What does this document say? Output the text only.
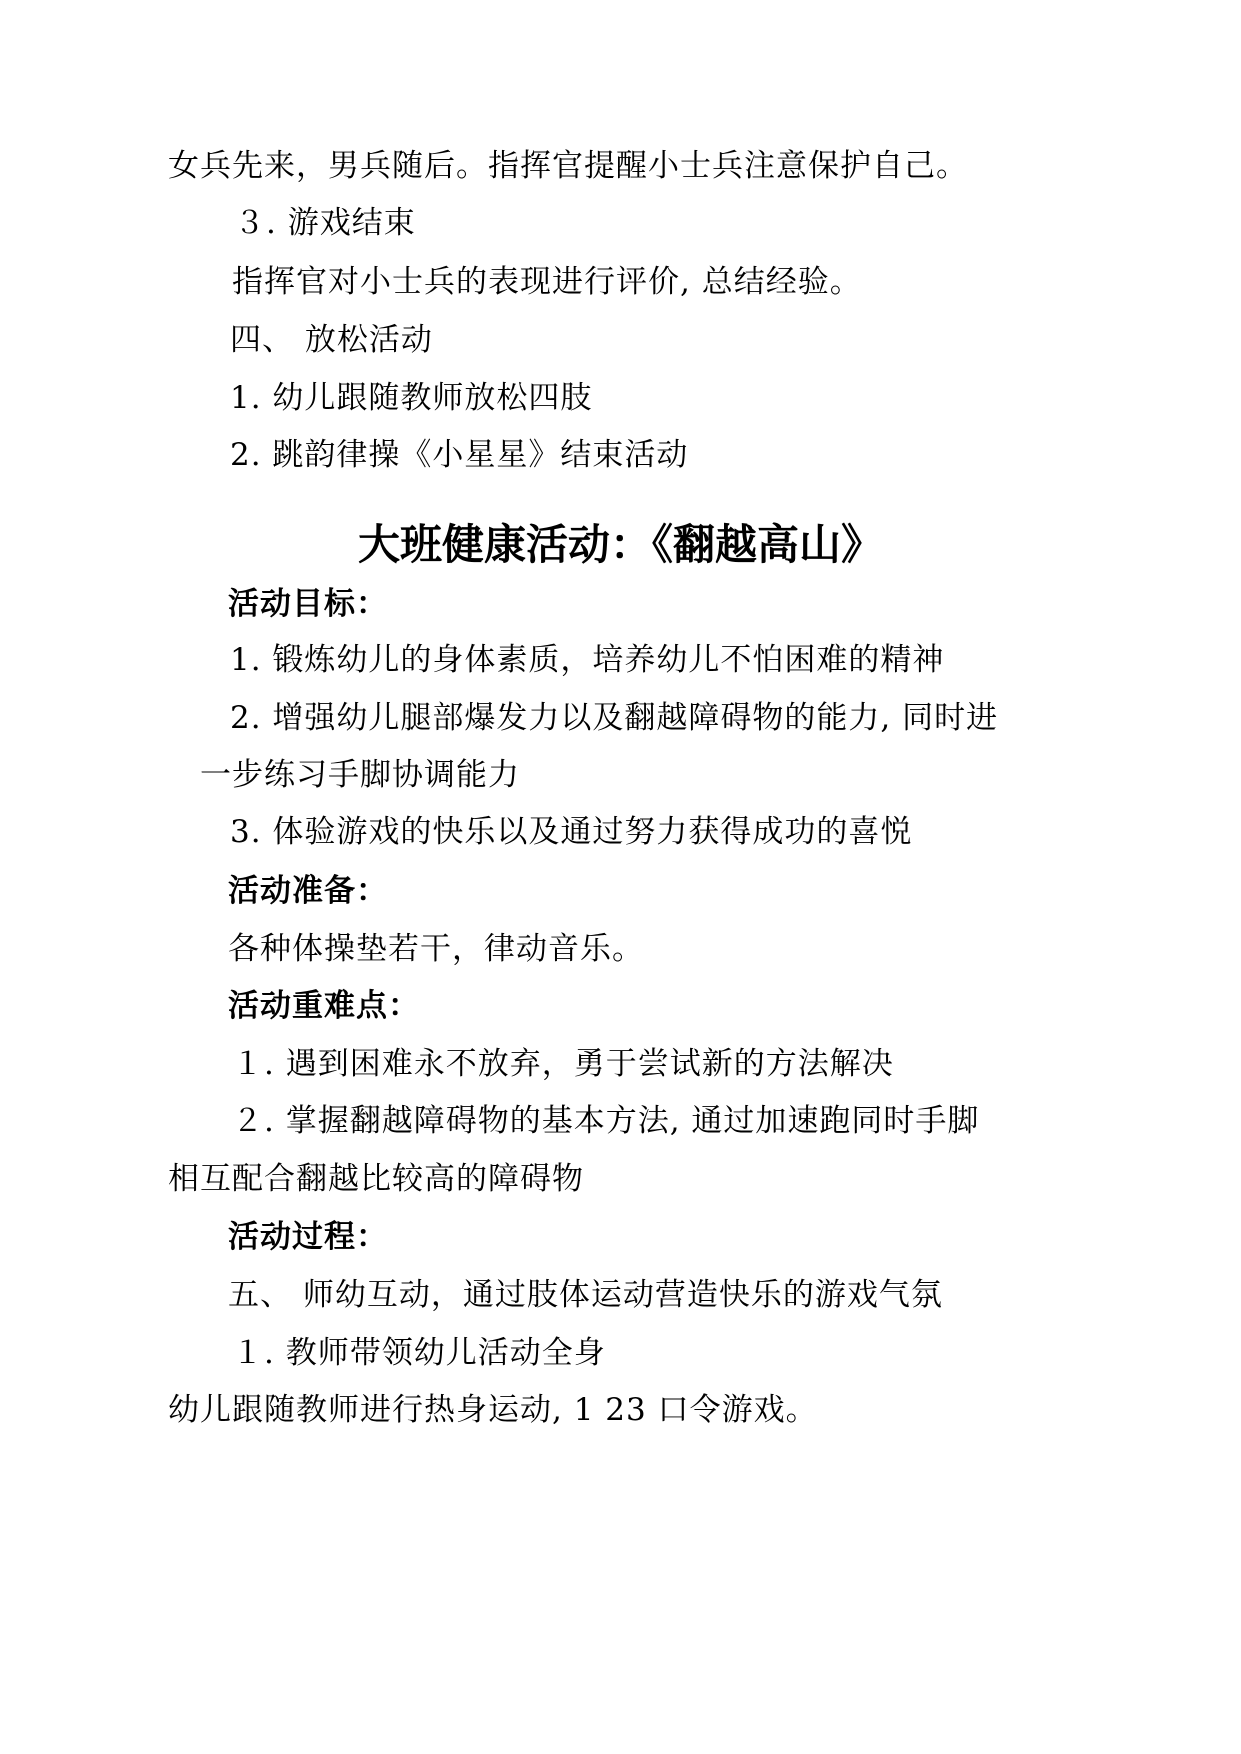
女兵先来，男兵随后。指挥官提醒小士兵注意保护自己。
３. 游戏结束
指挥官对小士兵的表现进行评价, 总结经验。
四、 放松活动
1. 幼儿跟随教师放松四肢
2. 跳韵律操《小星星》结束活动
大班健康活动：《翻越高山》
活动目标：
1. 锻炼幼儿的身体素质，培养幼儿不怕困难的精神
2. 增强幼儿腿部爆发力以及翻越障碍物的能力, 同时进
一步练习手脚协调能力
3. 体验游戏的快乐以及通过努力获得成功的喜悦
活动准备：
各种体操垫若干，律动音乐。
活动重难点：
１. 遇到困难永不放弃，勇于尝试新的方法解决
２. 掌握翻越障碍物的基本方法, 通过加速跑同时手脚
相互配合翻越比较高的障碍物
活动过程：
五、 师幼互动，通过肢体运动营造快乐的游戏气氛
１. 教师带领幼儿活动全身
幼儿跟随教师进行热身运动, 1 23 口令游戏。
